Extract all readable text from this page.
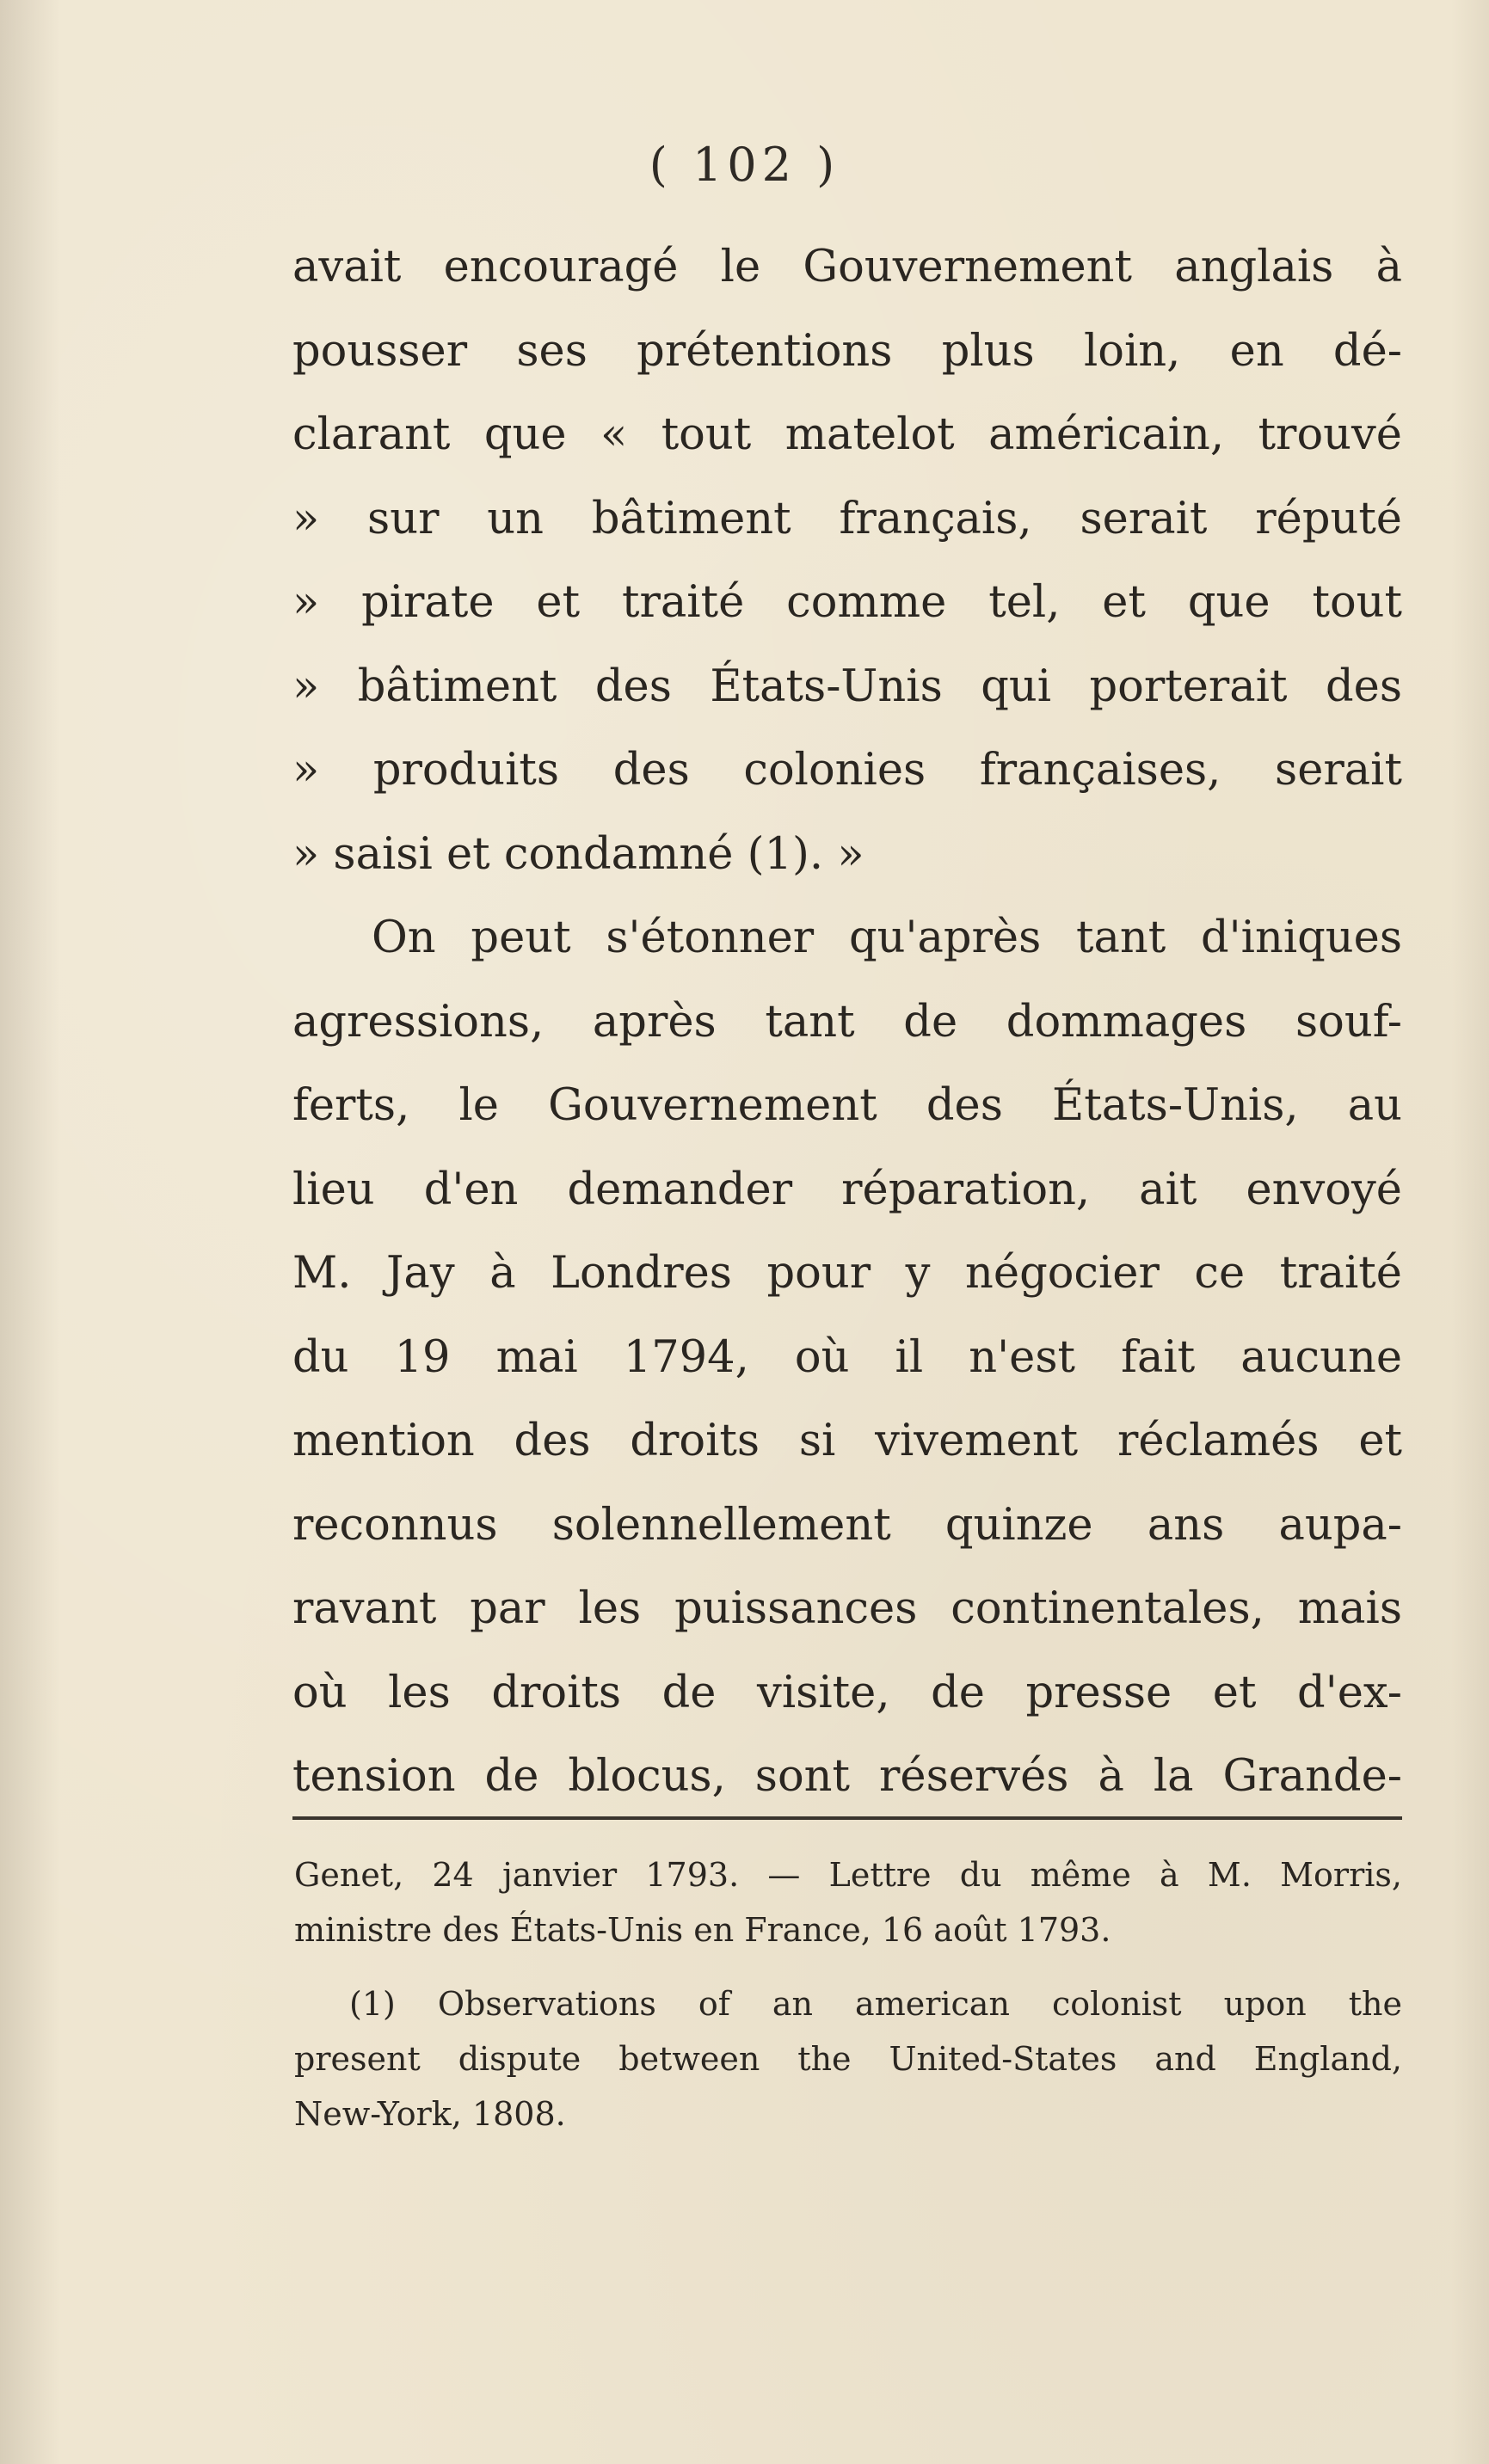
( 102 )
avait encouragé le Gouvernement anglais à
pousser ses prétentions plus loin, en dé-
clarant que « tout matelot américain, trouvé
» sur un bâtiment français, serait réputé
» pirate et traité comme tel, et que tout
» bâtiment des États-Unis qui porterait des
» produits des colonies françaises, serait
» saisi et condamné (1). »
On peut s'étonner qu'après tant d'iniques
agressions, après tant de dommages souf-
ferts, le Gouvernement des États-Unis, au
lieu d'en demander réparation, ait envoyé
M. Jay à Londres pour y négocier ce traité
du 19 mai 1794, où il n'est fait aucune
mention des droits si vivement réclamés et
reconnus solennellement quinze ans aupa-
ravant par les puissances continentales, mais
où les droits de visite, de presse et d'ex-
tension de blocus, sont réservés à la Grande-
Genet, 24 janvier 1793. — Lettre du même à M. Morris,
ministre des États-Unis en France, 16 août 1793.
(1) Observations of an american colonist upon the
present dispute between the United-States and England,
New-York, 1808.
